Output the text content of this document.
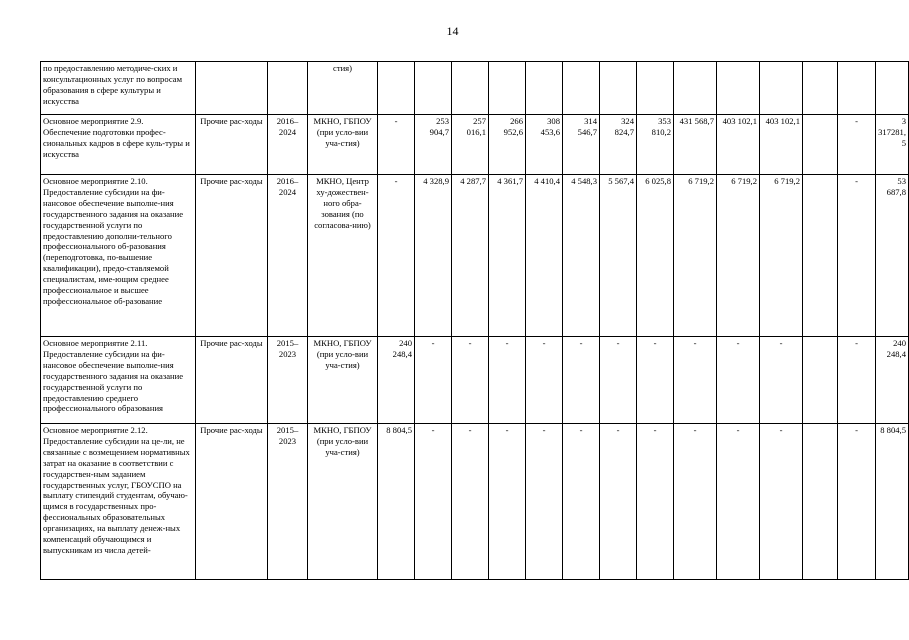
14
по предоставлению методиче-ских и консультационных услуг по вопросам образования в сфере культуры и искусства			стия)														
Основное мероприятие 2.9. Обеспечение подготовки профес-сиональных кадров в сфере куль-туры и искусства	Прочие рас-ходы	2016–2024	МКНО, ГБПОУ (при усло-вии уча-стия)	-	253 904,7	257 016,1	266 952,6	308 453,6	314 546,7	324 824,7	353 810,2	431 568,7	403 102,1	403 102,1		-	3 317281,5
Основное мероприятие 2.10. Предоставление субсидии на фи-нансовое обеспечение выполне-ния государственного задания на оказание государственной услуги по предоставлению дополни-тельного профессионального об-разования (переподготовка, по-вышение квалификации), предо-ставляемой специалистам, име-ющим среднее профессиональное и высшее профессиональное об-разование	Прочие рас-ходы	2016–2024	МКНО, Центр ху-дожествен-ного обра-зования (по согласова-нию)	-	4 328,9	4 287,7	4 361,7	4 410,4	4 548,3	5 567,4	6 025,8	6 719,2	6 719,2	6 719,2		-	53 687,8
Основное мероприятие 2.11. Предоставление субсидии на фи-нансовое обеспечение выполне-ния государственного задания на оказание государственной услуги по предоставлению среднего профессионального образования	Прочие рас-ходы	2015–2023	МКНО, ГБПОУ (при усло-вии уча-стия)	240 248,4	-	-	-	-	-	-	-	-	-	-		-	240 248,4
Основное мероприятие 2.12. Предоставление субсидии на це-ли, не связанные с возмещением нормативных затрат на оказание в соответствии с государствен-ным заданием государственных услуг, ГБОУСПО на выплату стипендий студентам, обучаю-щимся в государственных про-фессиональных образовательных организациях, на выплату денеж-ных компенсаций обучающимся и выпускникам из числа детей-	Прочие рас-ходы	2015–2023	МКНО, ГБПОУ (при усло-вии уча-стия)	8 804,5	-	-	-	-	-	-	-	-	-	-		-	8 804,5
